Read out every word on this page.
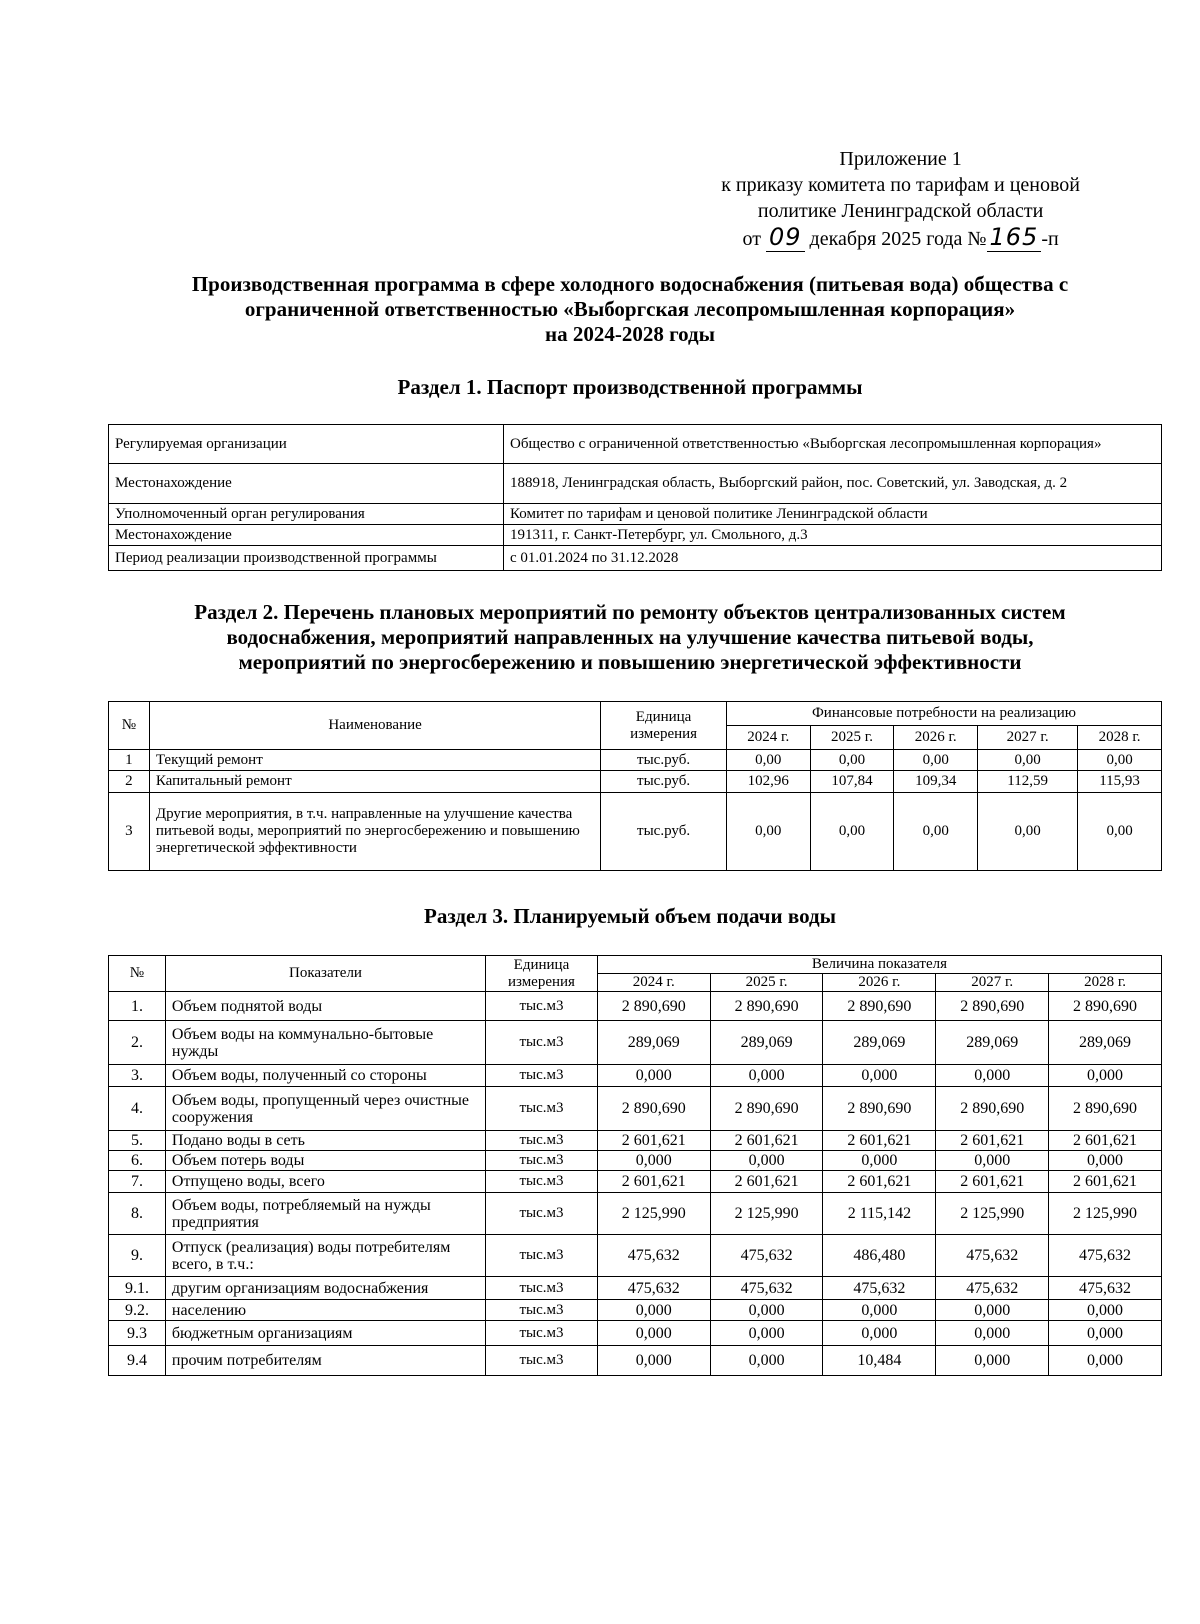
Приложение 1
к приказу комитета по тарифам и ценовой
политике Ленинградской области
от 09 декабря 2025 года № 165 -п
Производственная программа в сфере холодного водоснабжения (питьевая вода) общества с
ограниченной ответственностью «Выборгская лесопромышленная корпорация»
на 2024-2028 годы
Раздел 1. Паспорт производственной программы
Регулируемая организации	Общество с ограниченной ответственностью «Выборгская лесопромышленная корпорация»
Местонахождение	188918, Ленинградская область, Выборгский район, пос. Советский, ул. Заводская, д. 2
Уполномоченный орган регулирования	Комитет по тарифам и ценовой политике Ленинградской области
Местонахождение	191311, г. Санкт-Петербург, ул. Смольного, д.3
Период реализации производственной программы	с 01.01.2024 по 31.12.2028
Раздел 2. Перечень плановых мероприятий по ремонту объектов централизованных систем
водоснабжения, мероприятий направленных на улучшение качества питьевой воды,
мероприятий по энергосбережению и повышению энергетической эффективности
№	Наименование	Единица измерения	Финансовые потребности на реализацию				
			2024 г.	2025 г.	2026 г.	2027 г.	2028 г.
1	Текущий ремонт	тыс.руб.	0,00	0,00	0,00	0,00	0,00
2	Капитальный ремонт	тыс.руб.	102,96	107,84	109,34	112,59	115,93
3	Другие мероприятия, в т.ч. направленные на улучшение качества питьевой воды, мероприятий по энергосбережению и повышению энергетической эффективности	тыс.руб.	0,00	0,00	0,00	0,00	0,00
Раздел 3. Планируемый объем подачи воды
№	Показатели	Единица измерения	Величина показателя				
			2024 г.	2025 г.	2026 г.	2027 г.	2028 г.
1.	Объем поднятой воды	тыс.м3	2 890,690	2 890,690	2 890,690	2 890,690	2 890,690
2.	Объем воды на коммунально-бытовые нужды	тыс.м3	289,069	289,069	289,069	289,069	289,069
3.	Объем воды, полученный со стороны	тыс.м3	0,000	0,000	0,000	0,000	0,000
4.	Объем воды, пропущенный через очистные сооружения	тыс.м3	2 890,690	2 890,690	2 890,690	2 890,690	2 890,690
5.	Подано воды в сеть	тыс.м3	2 601,621	2 601,621	2 601,621	2 601,621	2 601,621
6.	Объем потерь воды	тыс.м3	0,000	0,000	0,000	0,000	0,000
7.	Отпущено воды, всего	тыс.м3	2 601,621	2 601,621	2 601,621	2 601,621	2 601,621
8.	Объем воды, потребляемый на нужды предприятия	тыс.м3	2 125,990	2 125,990	2 115,142	2 125,990	2 125,990
9.	Отпуск (реализация) воды потребителям всего, в т.ч.:	тыс.м3	475,632	475,632	486,480	475,632	475,632
9.1.	другим организациям водоснабжения	тыс.м3	475,632	475,632	475,632	475,632	475,632
9.2.	населению	тыс.м3	0,000	0,000	0,000	0,000	0,000
9.3	бюджетным организациям	тыс.м3	0,000	0,000	0,000	0,000	0,000
9.4	прочим потребителям	тыс.м3	0,000	0,000	10,484	0,000	0,000
